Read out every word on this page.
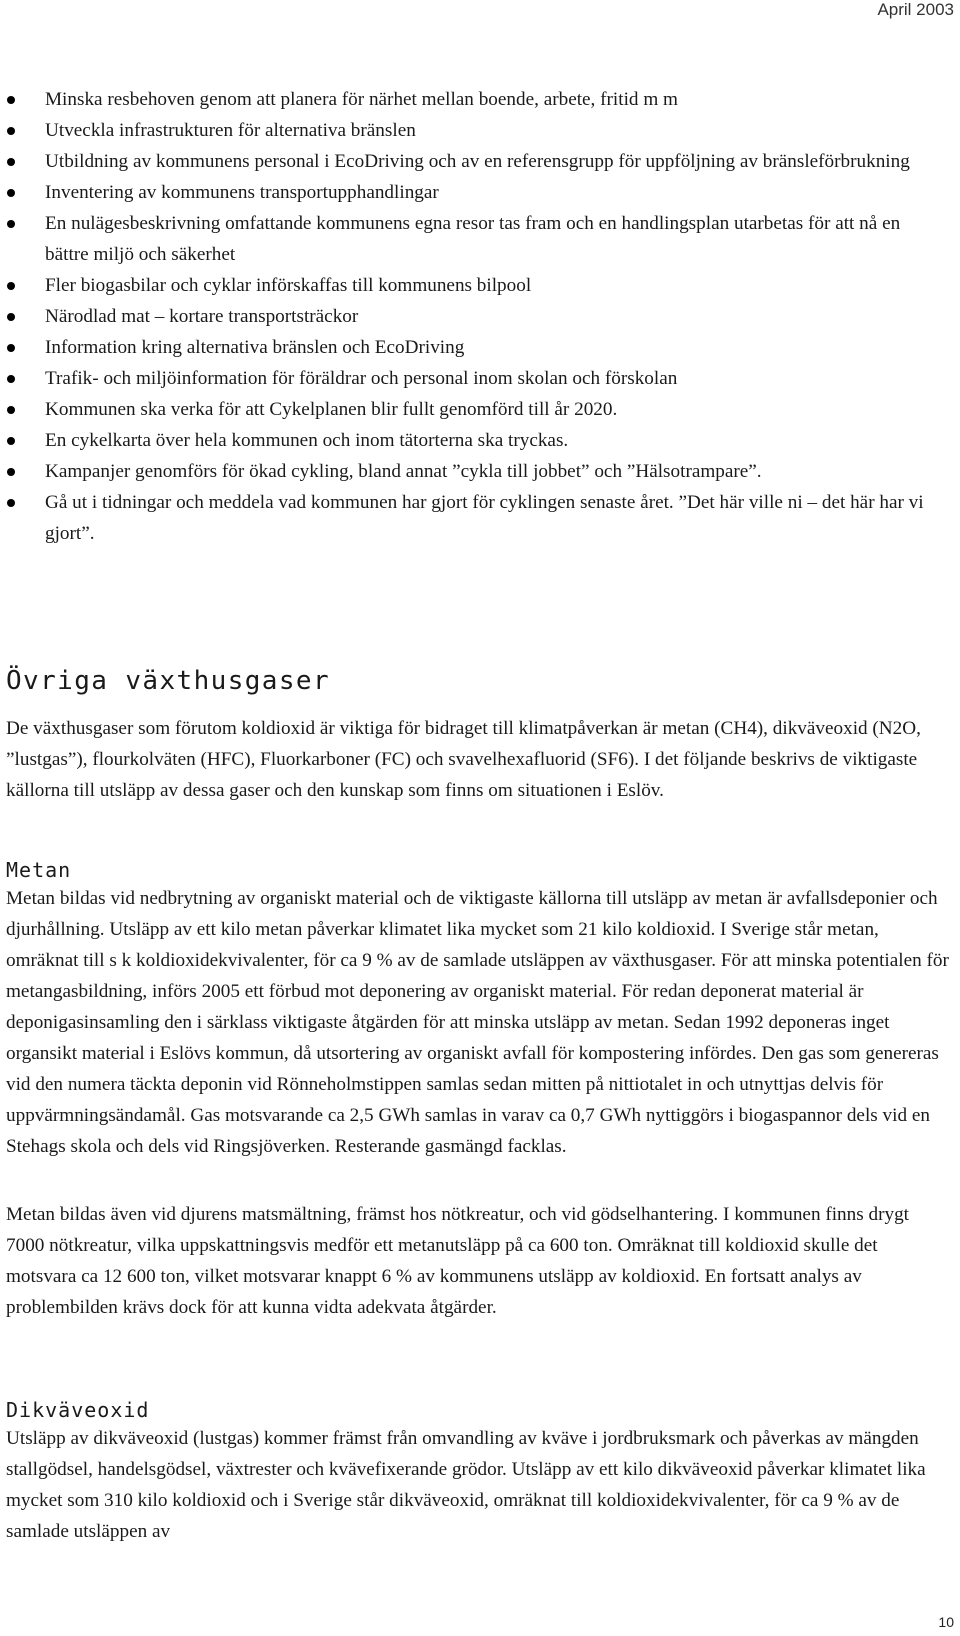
April 2003
Minska resbehoven genom att planera för närhet mellan boende, arbete, fritid m m
Utveckla infrastrukturen för alternativa bränslen
Utbildning av kommunens personal i EcoDriving och av en referensgrupp för uppföljning av bränsleförbrukning
Inventering av kommunens transportupphandlingar
En nulägesbeskrivning omfattande kommunens egna resor tas fram och en handlingsplan utarbetas för att nå en bättre miljö och säkerhet
Fler biogasbilar och cyklar införskaffas till kommunens bilpool
Närodlad mat – kortare transportsträckor
Information kring alternativa bränslen och EcoDriving
Trafik- och miljöinformation för föräldrar och personal inom skolan och förskolan
Kommunen ska verka för att Cykelplanen blir fullt genomförd till år 2020.
En cykelkarta över hela kommunen och inom tätorterna ska tryckas.
Kampanjer genomförs för ökad cykling, bland annat ”cykla till jobbet” och ”Hälsotrampare”.
Gå ut i tidningar och meddela vad kommunen har gjort för cyklingen senaste året. ”Det här ville ni – det här har vi gjort”.
Övriga växthusgaser

De växthusgaser som förutom koldioxid är viktiga för bidraget till klimatpåverkan är metan (CH4), dikväveoxid (N2O, ”lustgas”), flourkolväten (HFC), Fluorkarboner (FC) och svavelhexafluorid (SF6). I det följande beskrivs de viktigaste källorna till utsläpp av dessa gaser och den kunskap som finns om situationen i Eslöv.

Metan

Metan bildas vid nedbrytning av organiskt material och de viktigaste källorna till utsläpp av metan är avfallsdeponier och djurhållning. Utsläpp av ett kilo metan påverkar klimatet lika mycket som 21 kilo koldioxid. I Sverige står metan, omräknat till s k koldioxidekvivalenter, för ca 9 % av de samlade utsläppen av växthusgaser. För att minska potentialen för metangasbildning, införs 2005 ett förbud mot deponering av organiskt material. För redan deponerat material är deponigasinsamling den i särklass viktigaste åtgärden för att minska utsläpp av metan. Sedan 1992 deponeras inget organsikt material i Eslövs kommun, då utsortering av organiskt avfall för kompostering infördes. Den gas som genereras vid den numera täckta deponin vid Rönneholmstippen samlas sedan mitten på nittiotalet in och utnyttjas delvis för uppvärmningsändamål. Gas motsvarande ca 2,5 GWh samlas in varav ca 0,7 GWh nyttiggörs i biogaspannor dels vid en Stehags skola och dels vid Ringsjöverken. Resterande gasmängd facklas.

Metan bildas även vid djurens matsmältning, främst hos nötkreatur, och vid gödselhantering. I kommunen finns drygt 7000 nötkreatur, vilka uppskattningsvis medför ett metanutsläpp på ca 600 ton. Omräknat till koldioxid skulle det motsvara ca 12 600 ton, vilket motsvarar knappt 6 % av kommunens utsläpp av koldioxid. En fortsatt analys av problembilden krävs dock för att kunna vidta adekvata åtgärder.

Dikväveoxid

Utsläpp av dikväveoxid (lustgas) kommer främst från omvandling av kväve i jordbruksmark och påverkas av mängden stallgödsel, handelsgödsel, växtrester och kvävefixerande grödor. Utsläpp av ett kilo dikväveoxid påverkar klimatet lika mycket som 310 kilo koldioxid och i Sverige står dikväveoxid, omräknat till koldioxidekvivalenter, för ca 9 % av de samlade utsläppen av

10
